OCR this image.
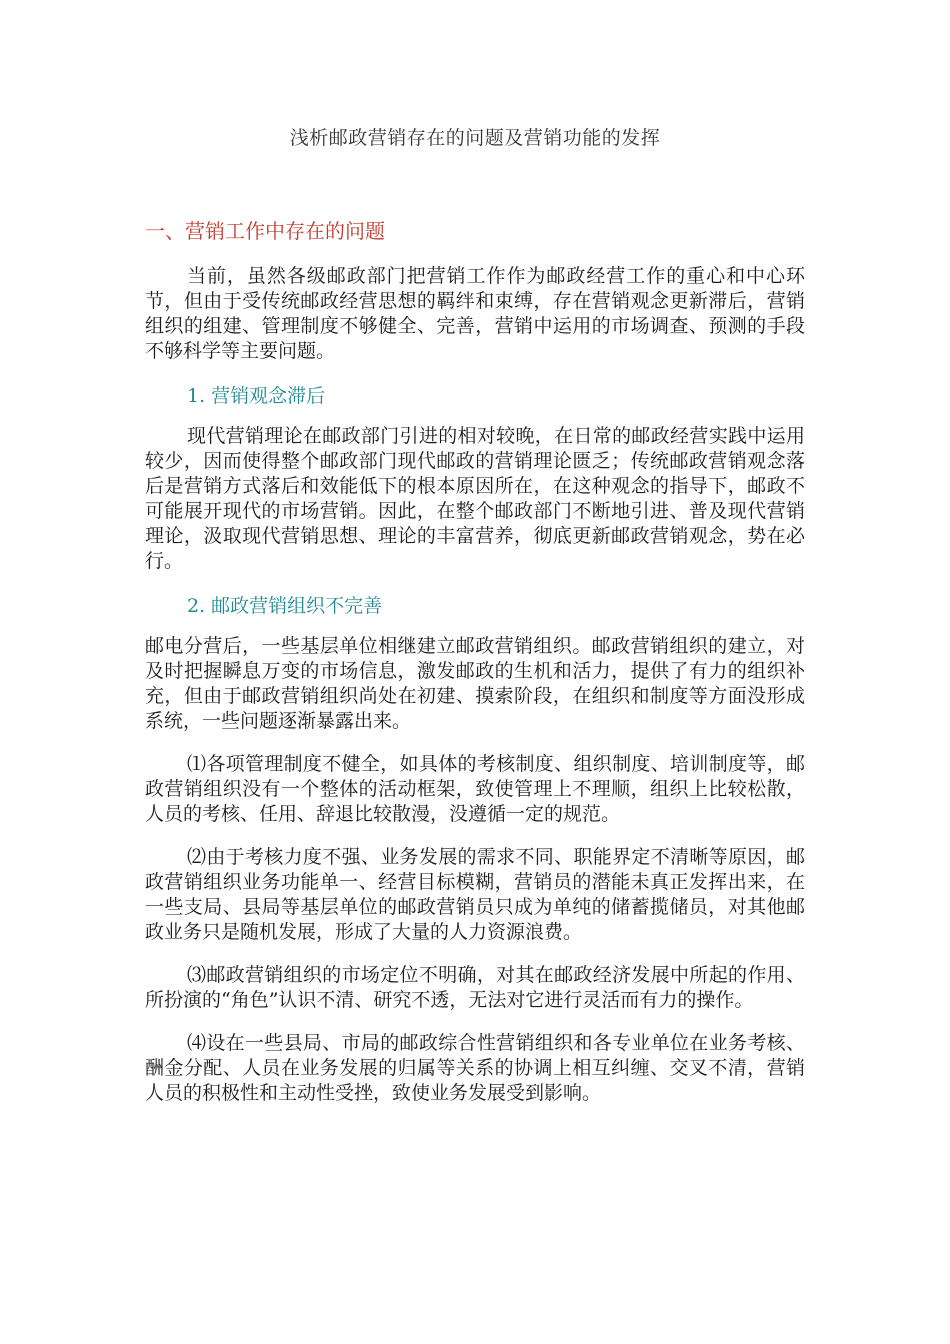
浅析邮政营销存在的问题及营销功能的发挥
一、营销工作中存在的问题

当前，虽然各级邮政部门把营销工作作为邮政经营工作的重心和中心环节，但由于受传统邮政经营思想的羁绊和束缚，存在营销观念更新滞后，营销组织的组建、管理制度不够健全、完善，营销中运用的市场调查、预测的手段不够科学等主要问题。

1. 营销观念滞后

现代营销理论在邮政部门引进的相对较晚，在日常的邮政经营实践中运用较少，因而使得整个邮政部门现代邮政的营销理论匮乏；传统邮政营销观念落后是营销方式落后和效能低下的根本原因所在，在这种观念的指导下，邮政不可能展开现代的市场营销。因此，在整个邮政部门不断地引进、普及现代营销理论，汲取现代营销思想、理论的丰富营养，彻底更新邮政营销观念，势在必行。

2. 邮政营销组织不完善

邮电分营后，一些基层单位相继建立邮政营销组织。邮政营销组织的建立，对及时把握瞬息万变的市场信息，激发邮政的生机和活力，提供了有力的组织补充，但由于邮政营销组织尚处在初建、摸索阶段，在组织和制度等方面没形成系统，一些问题逐渐暴露出来。

⑴各项管理制度不健全，如具体的考核制度、组织制度、培训制度等，邮政营销组织没有一个整体的活动框架，致使管理上不理顺，组织上比较松散，人员的考核、任用、辞退比较散漫，没遵循一定的规范。

⑵由于考核力度不强、业务发展的需求不同、职能界定不清晰等原因，邮政营销组织业务功能单一、经营目标模糊，营销员的潜能未真正发挥出来，在一些支局、县局等基层单位的邮政营销员只成为单纯的储蓄揽储员，对其他邮政业务只是随机发展，形成了大量的人力资源浪费。

⑶邮政营销组织的市场定位不明确，对其在邮政经济发展中所起的作用、所扮演的“角色”认识不清、研究不透，无法对它进行灵活而有力的操作。

⑷设在一些县局、市局的邮政综合性营销组织和各专业单位在业务考核、酬金分配、人员在业务发展的归属等关系的协调上相互纠缠、交叉不清，营销人员的积极性和主动性受挫，致使业务发展受到影响。
